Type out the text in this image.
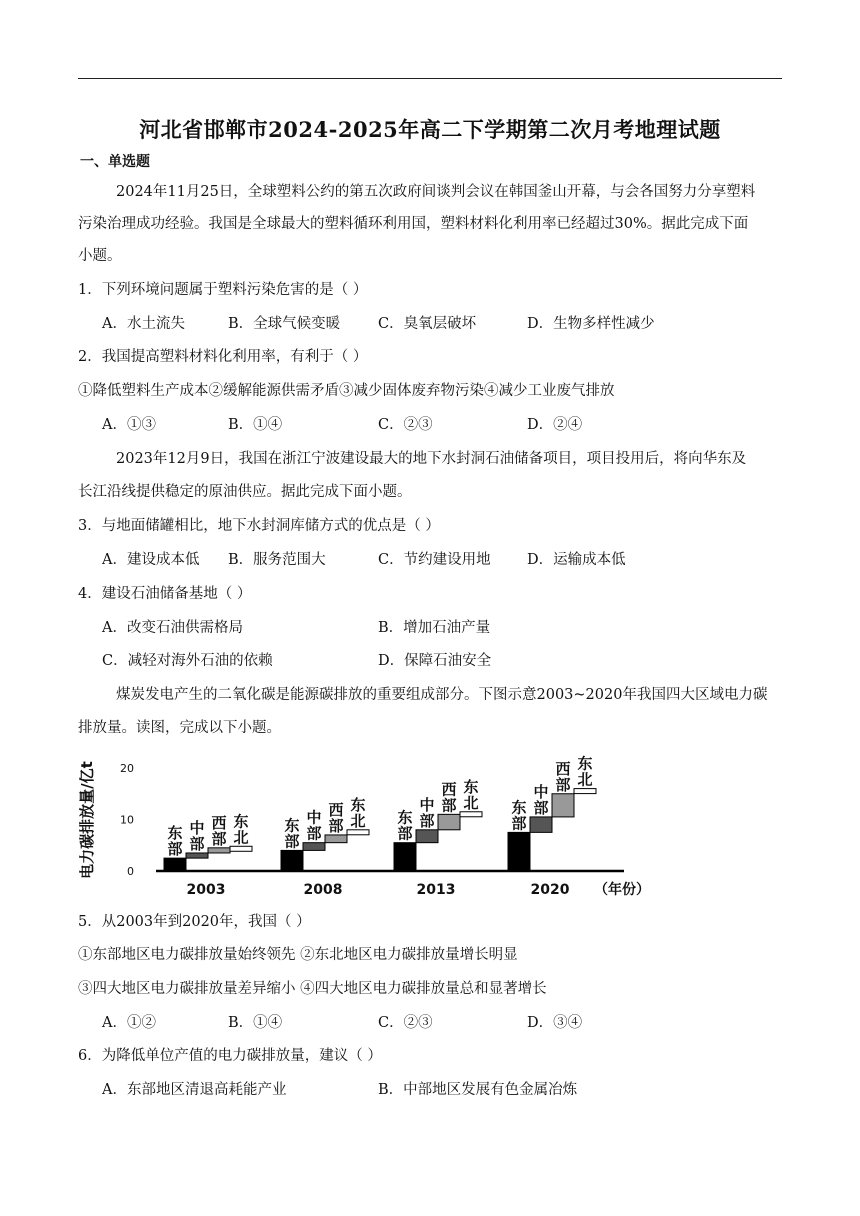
河北省邯郸市2024-2025年高二下学期第二次月考地理试题
一、单选题
2024年11月25日，全球塑料公约的第五次政府间谈判会议在韩国釜山开幕，与会各国努力分享塑料
污染治理成功经验。我国是全球最大的塑料循环利用国，塑料材料化利用率已经超过30%。据此完成下面
小题。
1．下列环境问题属于塑料污染危害的是（ ）
A．水土流失	B．全球气候变暖	C．臭氧层破坏	D．生物多样性减少
2．我国提高塑料材料化利用率，有利于（ ）
①降低塑料生产成本②缓解能源供需矛盾③减少固体废弃物污染④减少工业废气排放
A．①③	B．①④	C．②③	D．②④
2023年12月9日，我国在浙江宁波建设最大的地下水封洞石油储备项目，项目投用后，将向华东及
长江沿线提供稳定的原油供应。据此完成下面小题。
3．与地面储罐相比，地下水封洞库储方式的优点是（ ）
A．建设成本低 B．服务范围大	C．节约建设用地	D．运输成本低
4．建设石油储备基地（ ）
A．改变石油供需格局	B．增加石油产量
C．减轻对海外石油的依赖	D．保障石油安全
煤炭发电产生的二氧化碳是能源碳排放的重要组成部分。下图示意2003~2020年我国四大区域电力碳
排放量。读图，完成以下小题。
电力碳排放量/亿t 20
10
0
东
部
中
部
西
部
东
北
2003
东
部
中
部
西
部
东
北
2008
东
部
中
部
西
部
东
北
2013
东
部
中
部
西
部
东
北
2020 （年份）
5．从2003年到2020年，我国（ ）
①东部地区电力碳排放量始终领先 ②东北地区电力碳排放量增长明显
③四大地区电力碳排放量差异缩小 ④四大地区电力碳排放量总和显著增长
A．①②	B．①④	C．②③	D．③④
6．为降低单位产值的电力碳排放量，建议（ ）
A．东部地区清退高耗能产业	B．中部地区发展有色金属冶炼
